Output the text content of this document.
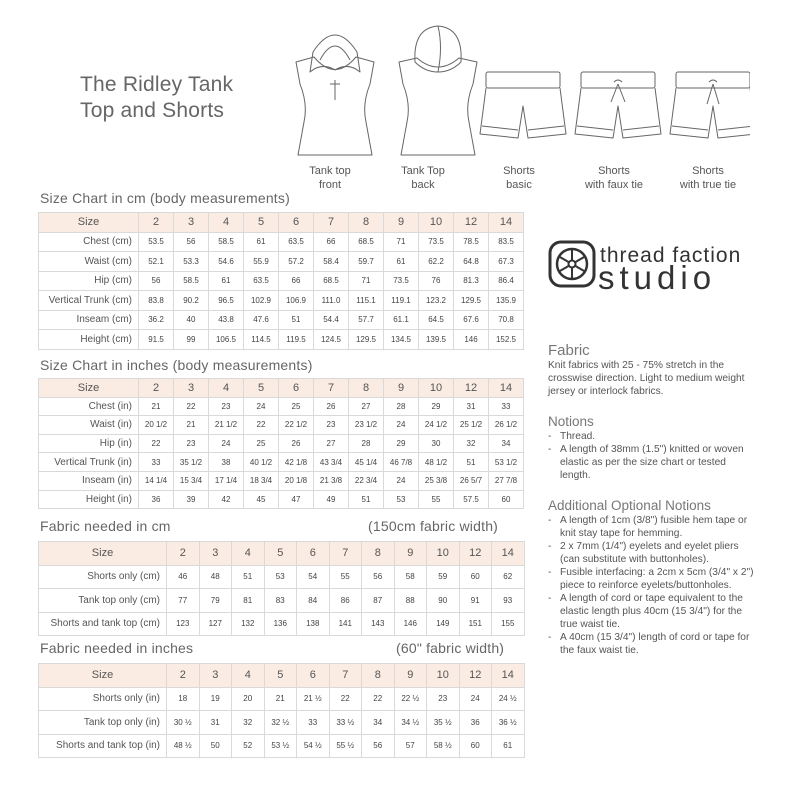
The Ridley Tank
Top and Shorts
Tank top
front
Tank Top
back
Shorts
basic
Shorts
with faux tie
Shorts
with true tie
Size Chart in cm (body measurements)
Size Chart in inches (body measurements)
Fabric needed in cm	(150cm fabric width)
Fabric needed in inches	(60" fabric width)
Size	2	3	4	5	6	7	8	9	10	12	14
Chest (cm)	53.5	56	58.5	61	63.5	66	68.5	71	73.5	78.5	83.5
Waist (cm)	52.1	53.3	54.6	55.9	57.2	58.4	59.7	61	62.2	64.8	67.3
Hip (cm)	56	58.5	61	63.5	66	68.5	71	73.5	76	81.3	86.4
Vertical Trunk (cm)	83.8	90.2	96.5	102.9	106.9	111.0	115.1	119.1	123.2	129.5	135.9
Inseam (cm)	36.2	40	43.8	47.6	51	54.4	57.7	61.1	64.5	67.6	70.8
Height (cm)	91.5	99	106.5	114.5	119.5	124.5	129.5	134.5	139.5	146	152.5
Size	2	3	4	5	6	7	8	9	10	12	14
Chest (in)	21	22	23	24	25	26	27	28	29	31	33
Waist (in)	20 1/2	21	21 1/2	22	22 1/2	23	23 1/2	24	24 1/2	25 1/2	26 1/2
Hip (in)	22	23	24	25	26	27	28	29	30	32	34
Vertical Trunk (in)	33	35 1/2	38	40 1/2	42 1/8	43 3/4	45 1/4	46 7/8	48 1/2	51	53 1/2
Inseam (in)	14 1/4	15 3/4	17 1/4	18 3/4	20 1/8	21 3/8	22 3/4	24	25 3/8	26 5/7	27 7/8
Height (in)	36	39	42	45	47	49	51	53	55	57.5	60
Size	2	3	4	5	6	7	8	9	10	12	14
Shorts only (cm)	46	48	51	53	54	55	56	58	59	60	62
Tank top only (cm)	77	79	81	83	84	86	87	88	90	91	93
Shorts and tank top (cm)	123	127	132	136	138	141	143	146	149	151	155
Size	2	3	4	5	6	7	8	9	10	12	14
Shorts only (in)	18	19	20	21	21 ½	22	22	22 ½	23	24	24 ½
Tank top only (in)	30 ½	31	32	32 ½	33	33 ½	34	34 ½	35 ½	36	36 ½
Shorts and tank top (in)	48 ½	50	52	53 ½	54 ½	55 ½	56	57	58 ½	60	61
thread faction
studio
Fabric

Knit fabrics with 25 - 75% stretch in the crosswise direction. Light to medium weight jersey or interlock fabrics.

Notions
- Thread.
- A length of 38mm (1.5") knitted or woven elastic as per the size chart or tested length.
Additional Optional Notions
- A length of 1cm (3/8") fusible hem tape or knit stay tape for hemming.
- 2 x 7mm (1/4") eyelets and eyelet pliers (can substitute with buttonholes).
- Fusible interfacing: a 2cm x 5cm (3/4" x 2") piece to reinforce eyelets/buttonholes.
- A length of cord or tape equivalent to the elastic length plus 40cm (15 3/4") for the true waist tie.
- A 40cm (15 3/4") length of cord or tape for the faux waist tie.
